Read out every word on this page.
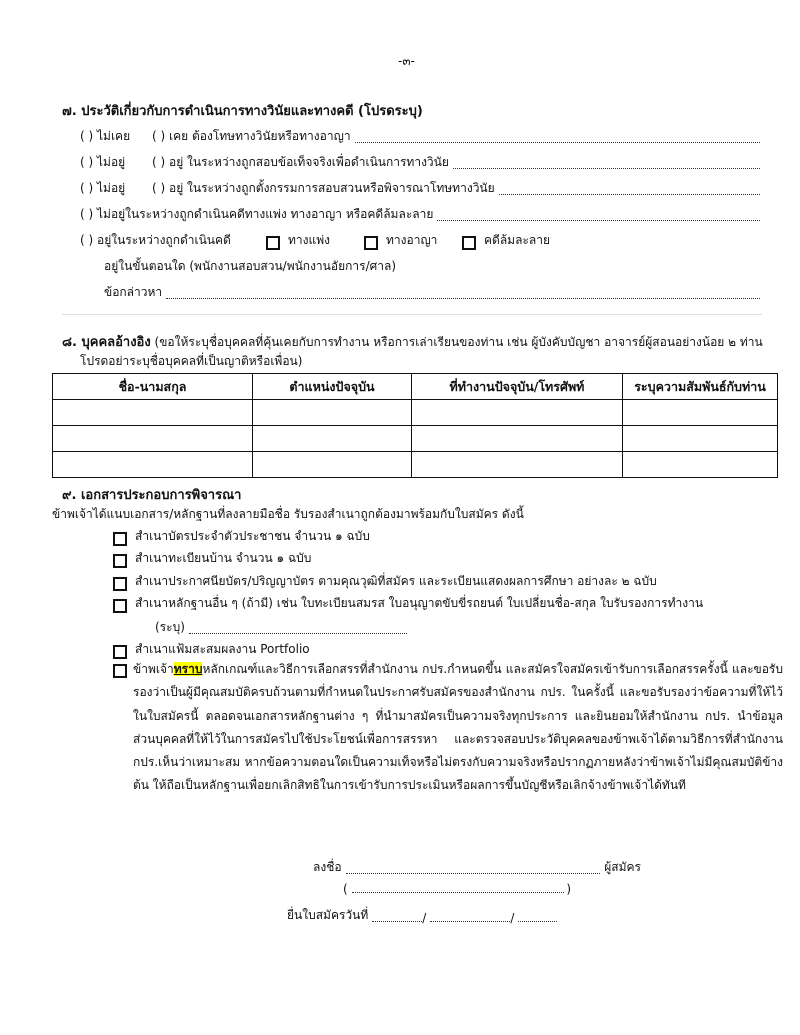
-๓-
๗. ประวัติเกี่ยวกับการดำเนินการทางวินัยและทางคดี (โปรดระบุ)
( ) ไม่เคย	( ) เคย ต้องโทษทางวินัยหรือทางอาญา
( ) ไม่อยู่	( ) อยู่ ในระหว่างถูกสอบข้อเท็จจริงเพื่อดำเนินการทางวินัย
( ) ไม่อยู่	( ) อยู่ ในระหว่างถูกตั้งกรรมการสอบสวนหรือพิจารณาโทษทางวินัย
( ) ไม่อยู่ในระหว่างถูกดำเนินคดีทางแพ่ง ทางอาญา หรือคดีล้มละลาย
( ) อยู่ในระหว่างถูกดำเนินคดี	ทางแพ่ง	ทางอาญา	คดีล้มละลาย
อยู่ในขั้นตอนใด (พนักงานสอบสวน/พนักงานอัยการ/ศาล)
ข้อกล่าวหา
๘. บุคคลอ้างอิง
(ขอให้ระบุชื่อบุคคลที่คุ้นเคยกับการทำงาน หรือการเล่าเรียนของท่าน เช่น ผู้บังคับบัญชา อาจารย์ผู้สอนอย่างน้อย ๒ ท่าน
โปรดอย่าระบุชื่อบุคคลที่เป็นญาติหรือเพื่อน)
ชื่อ-นามสกุล	ตำแหน่งปัจจุบัน	ที่ทำงานปัจจุบัน/โทรศัพท์	ระบุความสัมพันธ์กับท่าน

๙. เอกสารประกอบการพิจารณา
ข้าพเจ้าได้แนบเอกสาร/หลักฐานที่ลงลายมือชื่อ รับรองสำเนาถูกต้องมาพร้อมกับใบสมัคร ดังนี้
สำเนาบัตรประจำตัวประชาชน จำนวน ๑ ฉบับ
สำเนาทะเบียนบ้าน จำนวน ๑ ฉบับ
สำเนาประกาศนียบัตร/ปริญญาบัตร ตามคุณวุฒิที่สมัคร และระเบียนแสดงผลการศึกษา อย่างละ ๒ ฉบับ
สำเนาหลักฐานอื่น ๆ (ถ้ามี) เช่น ใบทะเบียนสมรส ใบอนุญาตขับขี่รถยนต์ ใบเปลี่ยนชื่อ-สกุล ใบรับรองการทำงาน
(ระบุ)
สำเนาแฟ้มสะสมผลงาน Portfolio
ข้าพเจ้าทราบหลักเกณฑ์และวิธีการเลือกสรรที่สำนักงาน กปร.กำหนดขึ้น และสมัครใจสมัครเข้ารับการเลือกสรรครั้งนี้ และขอรับรองว่าเป็นผู้มีคุณสมบัติครบถ้วนตามที่กำหนดในประกาศรับสมัครของสำนักงาน กปร. ในครั้งนี้ และขอรับรองว่าข้อความที่ให้ไว้ในใบสมัครนี้ ตลอดจนเอกสารหลักฐานต่าง ๆ ที่นำมาสมัครเป็นความจริงทุกประการ และยินยอมให้สำนักงาน กปร. นำข้อมูลส่วนบุคคลที่ให้ไว้ในการสมัครไปใช้ประโยชน์เพื่อการสรรหา และตรวจสอบประวัติบุคคลของข้าพเจ้าได้ตามวิธีการที่สำนักงาน กปร.เห็นว่าเหมาะสม หากข้อความตอนใดเป็นความเท็จหรือไม่ตรงกับความจริงหรือปรากฏภายหลังว่าข้าพเจ้าไม่มีคุณสมบัติข้างต้น ให้ถือเป็นหลักฐานเพื่อยกเลิกสิทธิในการเข้ารับการประเมินหรือผลการขึ้นบัญชีหรือเลิกจ้างข้าพเจ้าได้ทันที
ลงชื่อ	ผู้สมัคร
(	)
ยื่นใบสมัครวันที่	/	/
